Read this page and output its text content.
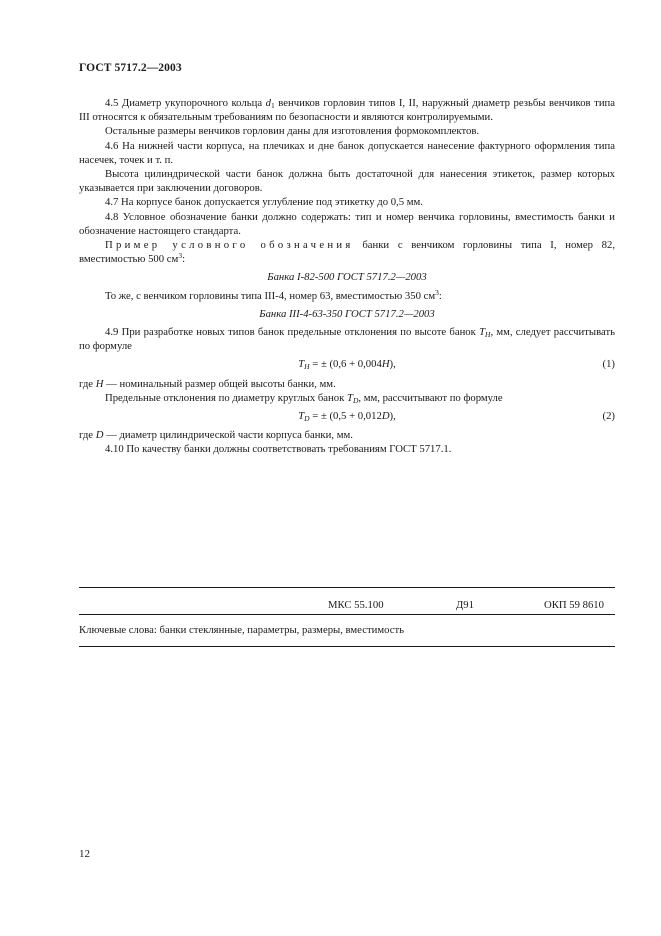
ГОСТ 5717.2—2003

4.5 Диаметр укупорочного кольца $d_1$ венчиков горловин типов I, II, наружный диаметр резьбы венчиков типа III относятся к обязательным требованиям по безопасности и являются контролируемыми.

Остальные размеры венчиков горловин даны для изготовления формокомплектов.

4.6 На нижней части корпуса, на плечиках и дне банок допускается нанесение фактурного оформления типа насечек, точек и т. п.

Высота цилиндрической части банок должна быть достаточной для нанесения этикеток, размер которых указывается при заключении договоров.

4.7 На корпусе банок допускается углубление под этикетку до 0,5 мм.

4.8 Условное обозначение банки должно содержать: тип и номер венчика горловины, вместимость банки и обозначение настоящего стандарта.

Пример условного обозначения банки с венчиком горловины типа I, номер 82, вместимостью 500 $см^3$:

Банка I-82-500 ГОСТ 5717.2—2003

То же, с венчиком горловины типа III-4, номер 63, вместимостью 350 $см^3$:

Банка III-4-63-350 ГОСТ 5717.2—2003

4.9 При разработке новых типов банок предельные отклонения по высоте банок $T_H$, мм, следует рассчитывать по формуле

$T_H$ = ± (0,6 + 0,004H),	(1)

где H — номинальный размер общей высоты банки, мм.

Предельные отклонения по диаметру круглых банок $T_D$, мм, рассчитывают по формуле

$T_D$ = ± (0,5 + 0,012D),	(2)

где D — диаметр цилиндрической части корпуса банки, мм.

4.10 По качеству банки должны соответствовать требованиям ГОСТ 5717.1.

МКС 55.100	Д91	ОКП 59 8610
Ключевые слова: банки стеклянные, параметры, размеры, вместимость
12
